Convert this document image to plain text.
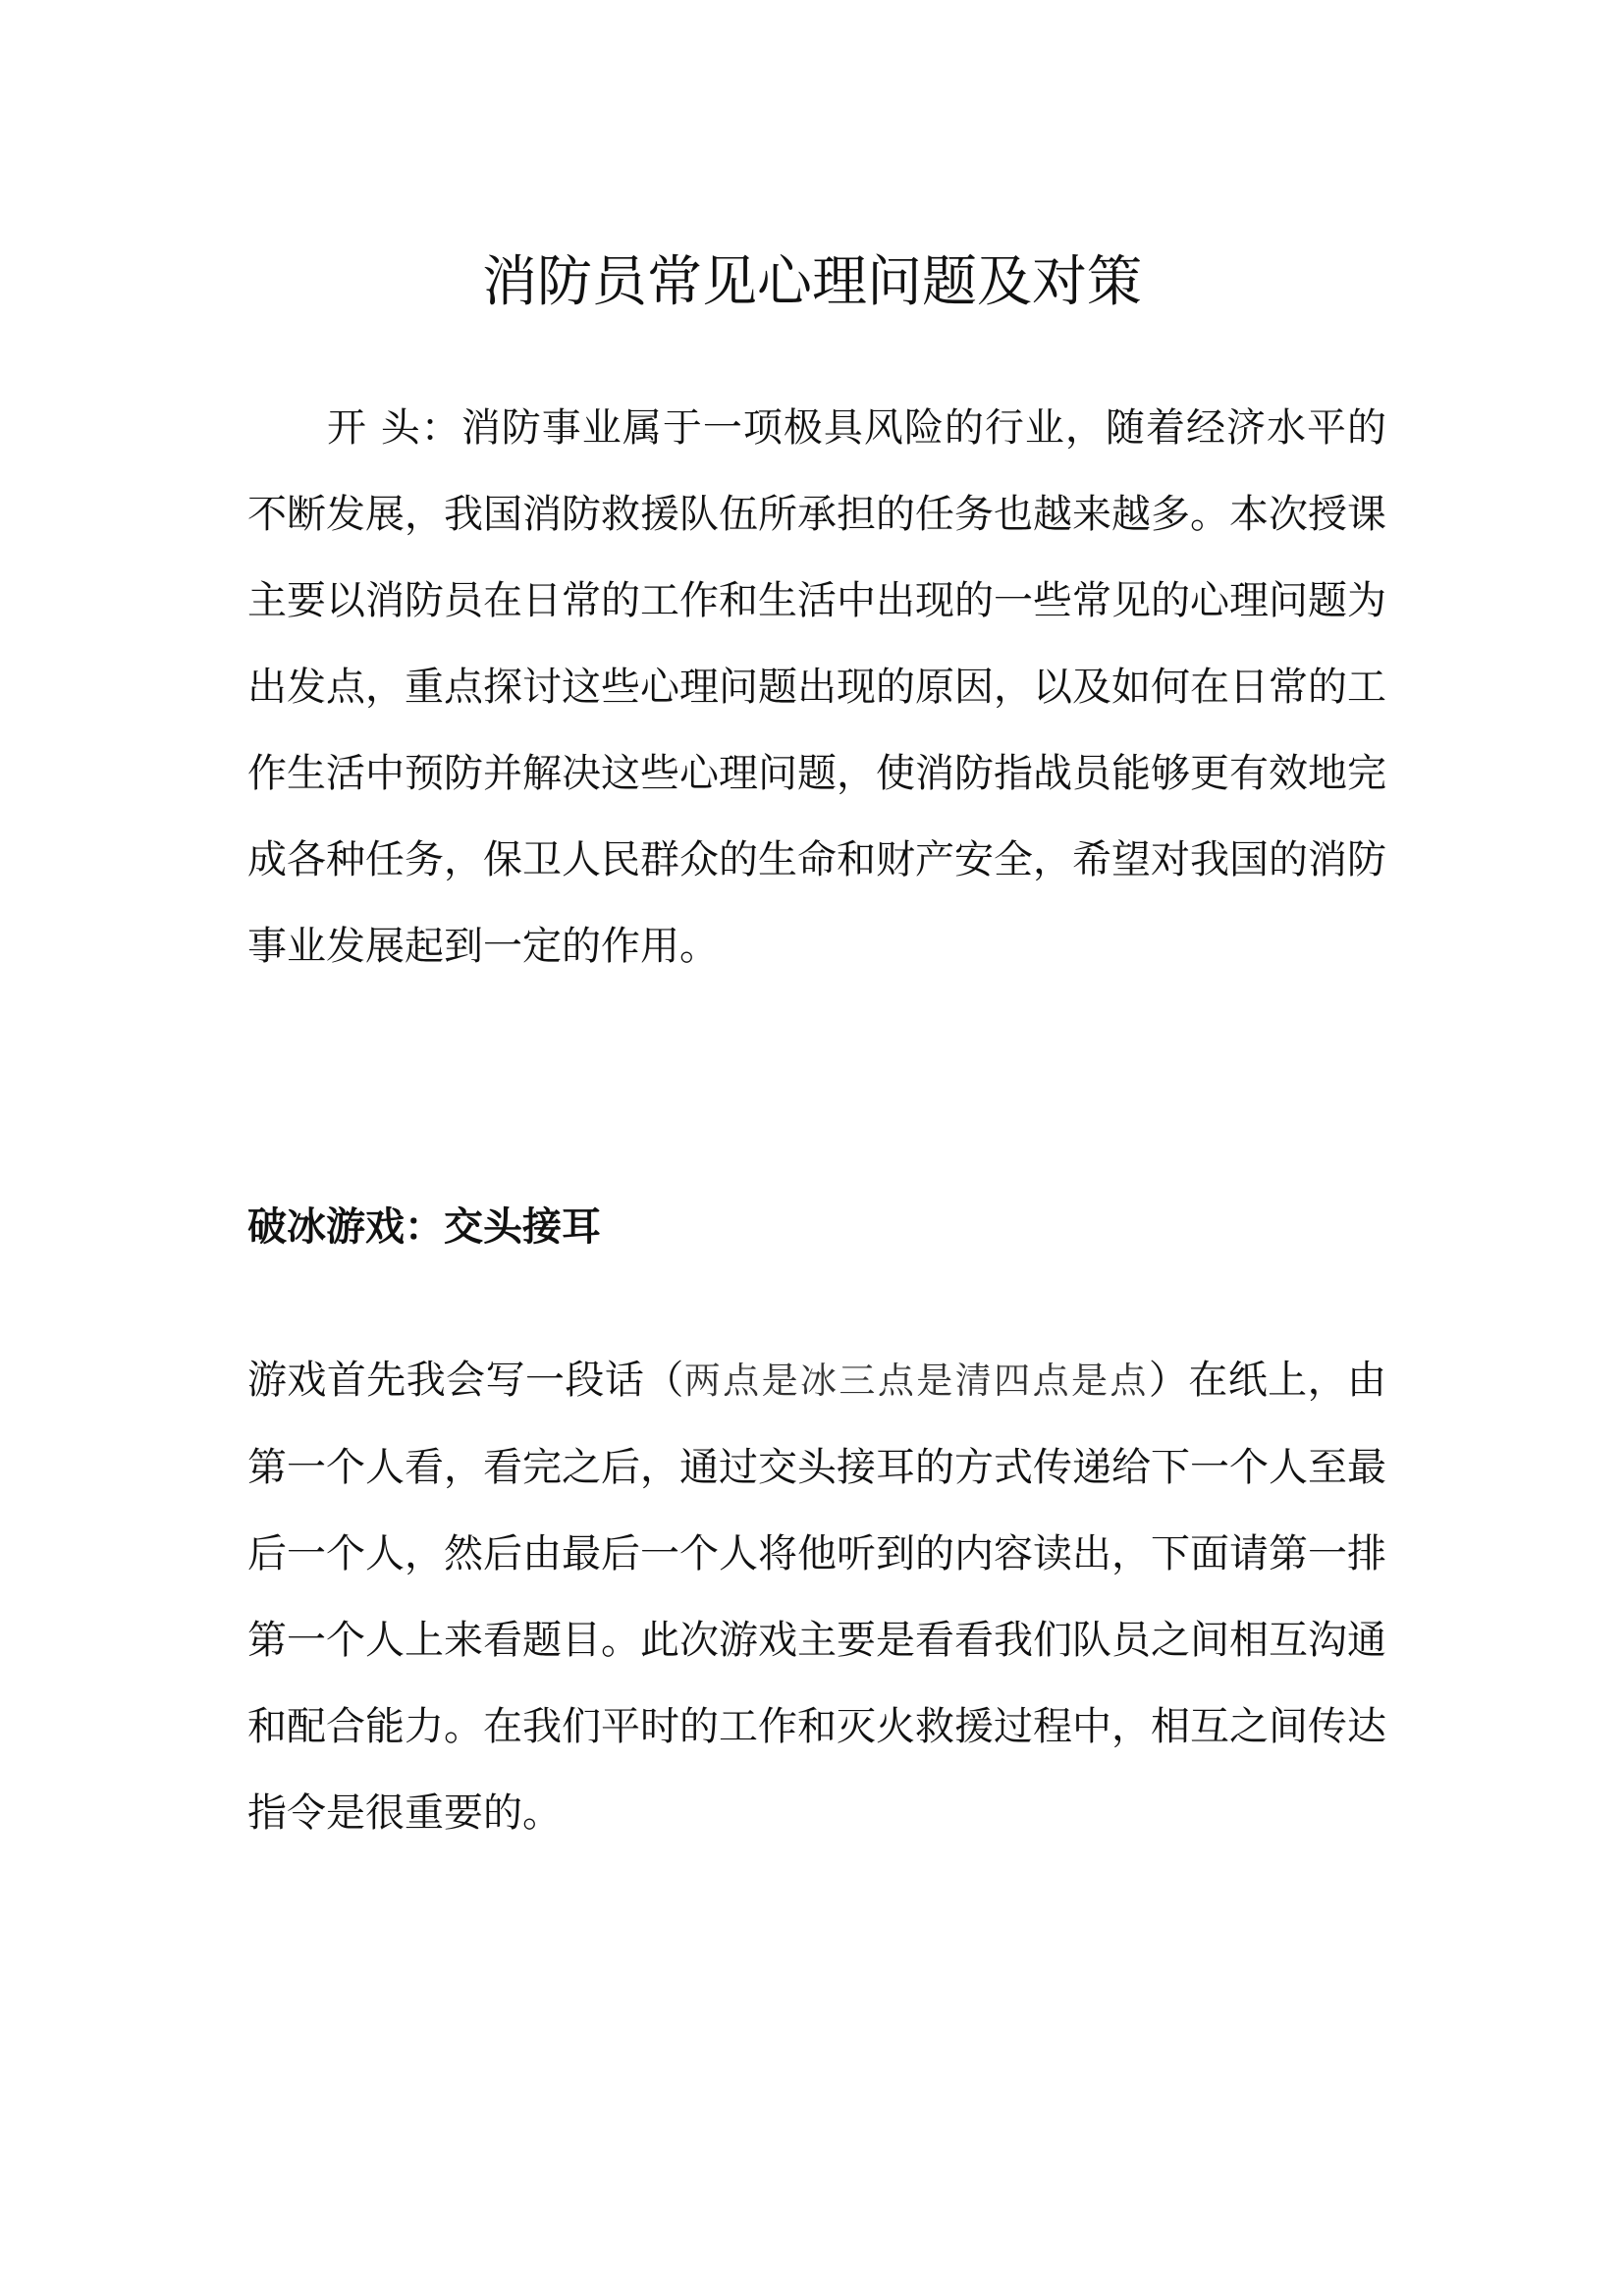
消防员常见心理问题及对策

开 头：消防事业属于一项极具风险的行业，随着经济水平的不断发展，我国消防救援队伍所承担的任务也越来越多。本次授课主要以消防员在日常的工作和生活中出现的一些常见的心理问题为出发点，重点探讨这些心理问题出现的原因，以及如何在日常的工作生活中预防并解决这些心理问题，使消防指战员能够更有效地完成各种任务，保卫人民群众的生命和财产安全，希望对我国的消防事业发展起到一定的作用。

破冰游戏：交头接耳

游戏首先我会写一段话（两点是冰三点是清四点是点）在纸上，由第一个人看，看完之后，通过交头接耳的方式传递给下一个人至最后一个人，然后由最后一个人将他听到的内容读出，下面请第一排第一个人上来看题目。此次游戏主要是看看我们队员之间相互沟通和配合能力。在我们平时的工作和灭火救援过程中，相互之间传达指令是很重要的。
